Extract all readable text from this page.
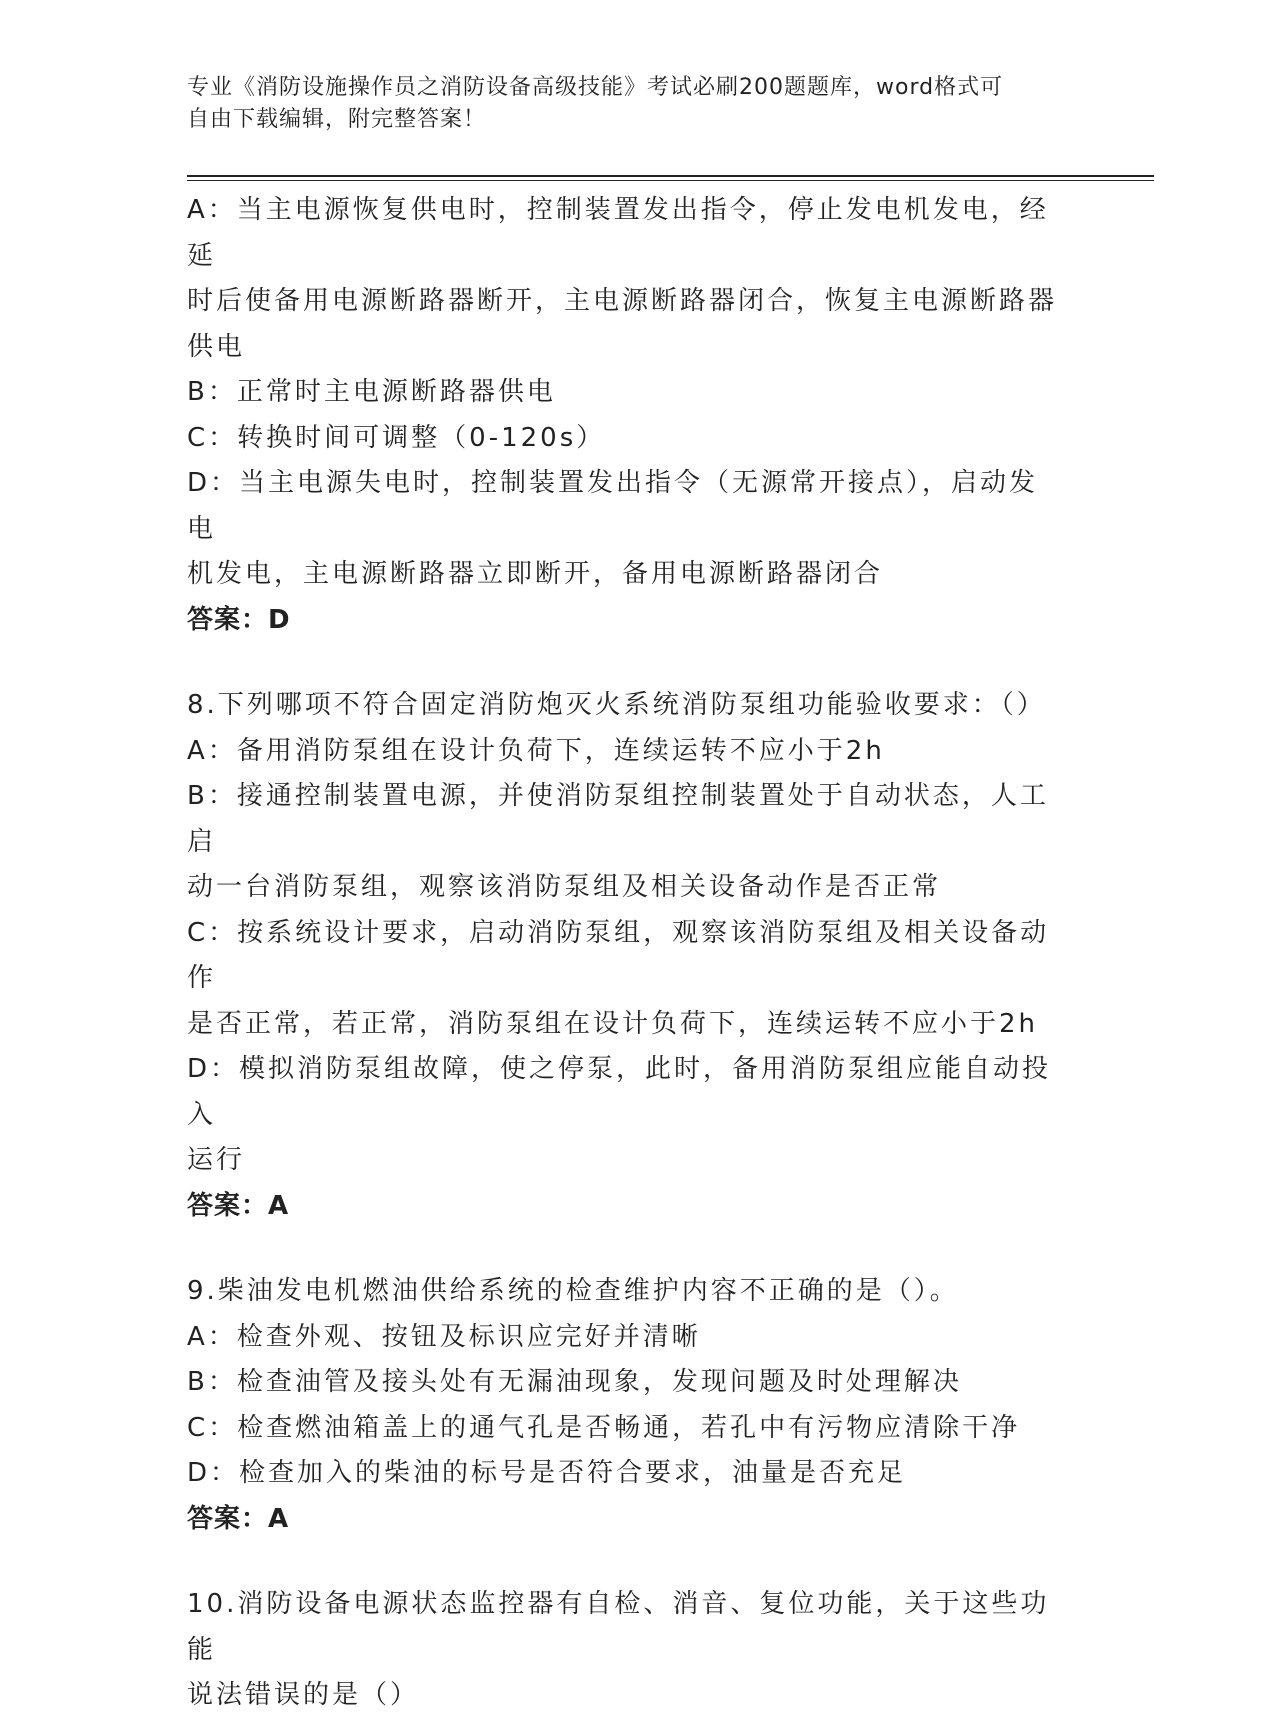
专业《消防设施操作员之消防设备高级技能》考试必刷200题题库，word格式可
自由下载编辑，附完整答案！
A：当主电源恢复供电时，控制装置发出指令，停止发电机发电，经延
时后使备用电源断路器断开，主电源断路器闭合，恢复主电源断路器
供电
B：正常时主电源断路器供电
C：转换时间可调整（0-120s）
D：当主电源失电时，控制装置发出指令（无源常开接点），启动发电
机发电，主电源断路器立即断开，备用电源断路器闭合
答案：D
8.下列哪项不符合固定消防炮灭火系统消防泵组功能验收要求：（）
A：备用消防泵组在设计负荷下，连续运转不应小于2h
B：接通控制装置电源，并使消防泵组控制装置处于自动状态，人工启
动一台消防泵组，观察该消防泵组及相关设备动作是否正常
C：按系统设计要求，启动消防泵组，观察该消防泵组及相关设备动作
是否正常，若正常，消防泵组在设计负荷下，连续运转不应小于2h
D：模拟消防泵组故障，使之停泵，此时，备用消防泵组应能自动投入
运行
答案：A
9.柴油发电机燃油供给系统的检查维护内容不正确的是（）。
A：检查外观、按钮及标识应完好并清晰
B：检查油管及接头处有无漏油现象，发现问题及时处理解决
C：检查燃油箱盖上的通气孔是否畅通，若孔中有污物应清除干净
D：检查加入的柴油的标号是否符合要求，油量是否充足
答案：A
10.消防设备电源状态监控器有自检、消音、复位功能，关于这些功能
说法错误的是（）
